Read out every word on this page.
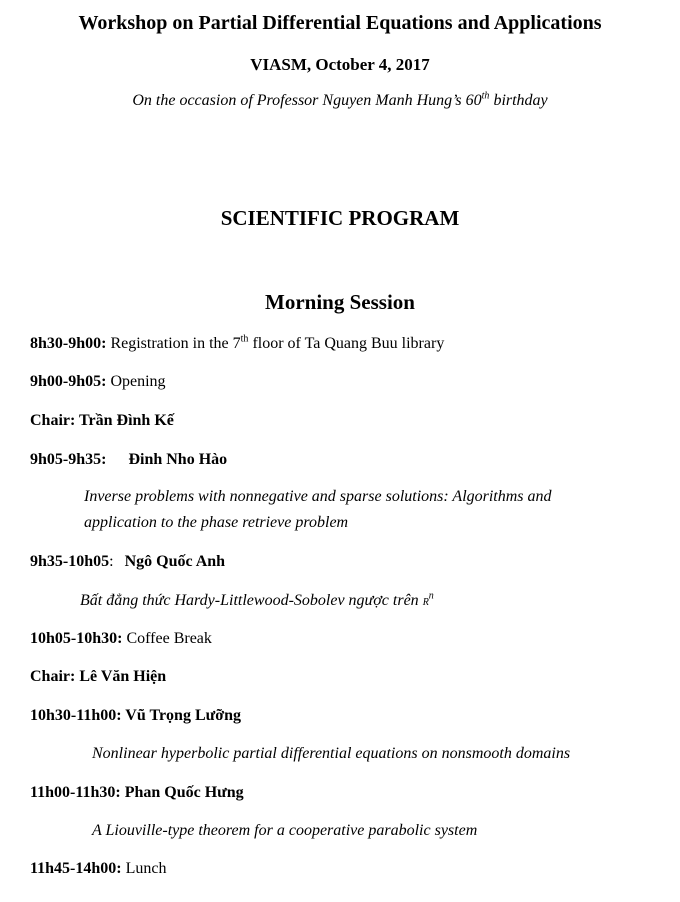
Workshop on Partial Differential Equations and Applications
VIASM, October 4, 2017
On the occasion of Professor Nguyen Manh Hung’s 60th birthday
SCIENTIFIC PROGRAM
Morning Session
8h30-9h00: Registration in the 7th floor of Ta Quang Buu library
9h00-9h05: Opening
Chair: Trần Đình Kế
9h05-9h35: Đinh Nho Hào
Inverse problems with nonnegative and sparse solutions: Algorithms and
application to the phase retrieve problem
9h35-10h05: Ngô Quốc Anh
Bất đẳng thức Hardy-Littlewood-Sobolev ngược trên $R^n$
10h05-10h30: Coffee Break
Chair: Lê Văn Hiện
10h30-11h00: Vũ Trọng Lưỡng
Nonlinear hyperbolic partial differential equations on nonsmooth domains
11h00-11h30: Phan Quốc Hưng
A Liouville-type theorem for a cooperative parabolic system
11h45-14h00: Lunch
